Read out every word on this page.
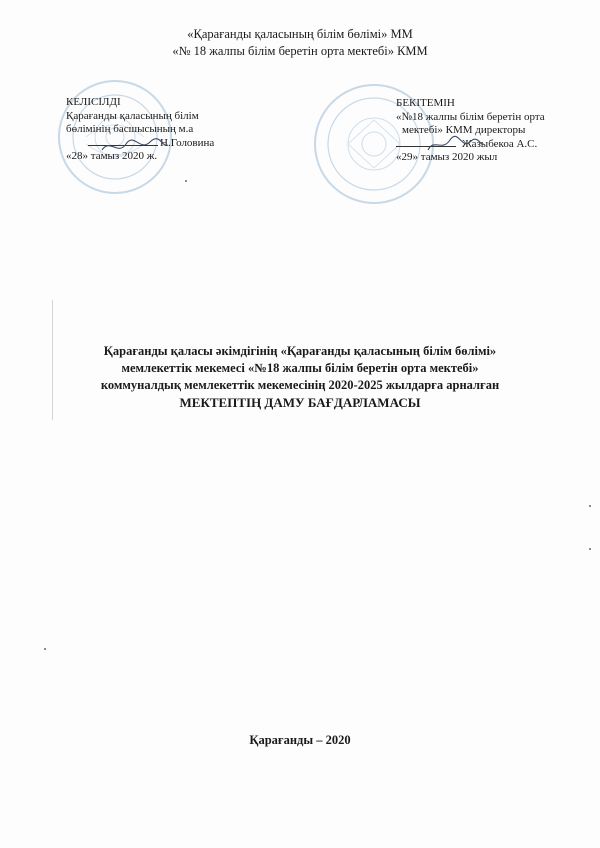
«Қарағанды қаласының білім бөлімі» ММ
«№ 18 жалпы білім беретін орта мектебі» КММ
КЕЛІСІЛДІ
Қарағанды қаласының білім
бөлімінің басшысының м.а
Н.Головина
«28» тамыз 2020 ж.
БЕКІТЕМІН
«№18 жалпы білім беретін орта
мектебі» КММ директоры
Жазыбекоа А.С.
«29» тамыз 2020 жыл
Қарағанды қаласы әкімдігінің «Қарағанды қаласының білім бөлімі»
мемлекеттік мекемесі «№18 жалпы білім беретін орта мектебі»
коммуналдық мемлекеттік мекемесінің 2020-2025 жылдарға арналған
МЕКТЕПТІҢ ДАМУ БАҒДАРЛАМАСЫ
Қарағанды – 2020
